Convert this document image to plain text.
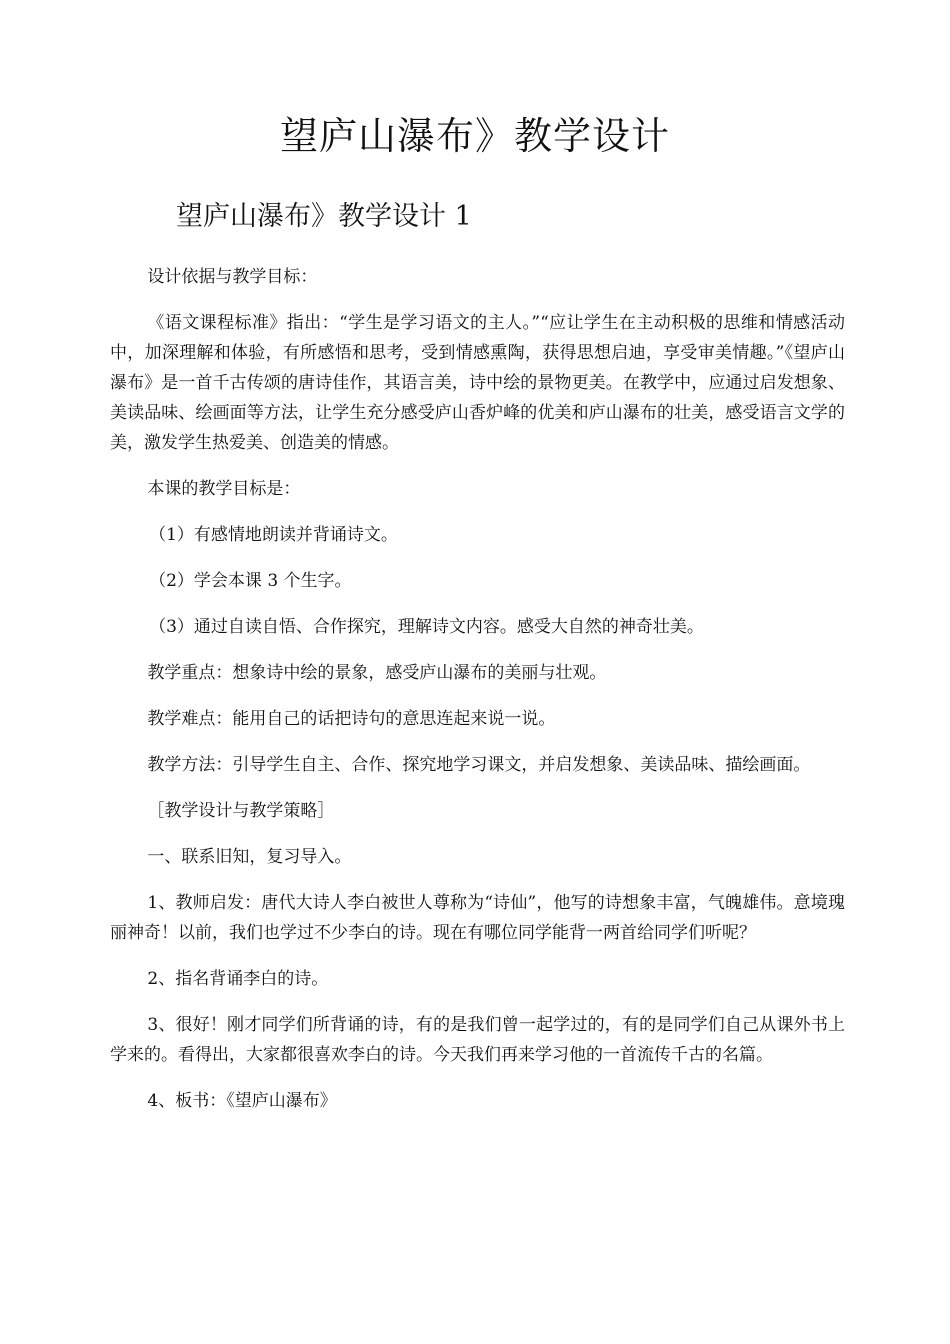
望庐山瀑布》教学设计
望庐山瀑布》教学设计 1

设计依据与教学目标：

《语文课程标准》指出：“学生是学习语文的主人。”“应让学生在主动积极的思维和情感活动中，加深理解和体验，有所感悟和思考，受到情感熏陶，获得思想启迪，享受审美情趣。”《望庐山瀑布》是一首千古传颂的唐诗佳作，其语言美，诗中绘的景物更美。在教学中，应通过启发想象、美读品味、绘画面等方法，让学生充分感受庐山香炉峰的优美和庐山瀑布的壮美，感受语言文学的美，激发学生热爱美、创造美的情感。

本课的教学目标是：

（1）有感情地朗读并背诵诗文。

（2）学会本课 3 个生字。

（3）通过自读自悟、合作探究，理解诗文内容。感受大自然的神奇壮美。

教学重点：想象诗中绘的景象，感受庐山瀑布的美丽与壮观。

教学难点：能用自己的话把诗句的意思连起来说一说。

教学方法：引导学生自主、合作、探究地学习课文，并启发想象、美读品味、描绘画面。

［教学设计与教学策略］

一、联系旧知，复习导入。

1、教师启发：唐代大诗人李白被世人尊称为“诗仙”，他写的诗想象丰富，气魄雄伟。意境瑰丽神奇！以前，我们也学过不少李白的诗。现在有哪位同学能背一两首给同学们听呢？

2、指名背诵李白的诗。

3、很好！刚才同学们所背诵的诗，有的是我们曾一起学过的，有的是同学们自己从课外书上学来的。看得出，大家都很喜欢李白的诗。今天我们再来学习他的一首流传千古的名篇。

4、板书：《望庐山瀑布》
